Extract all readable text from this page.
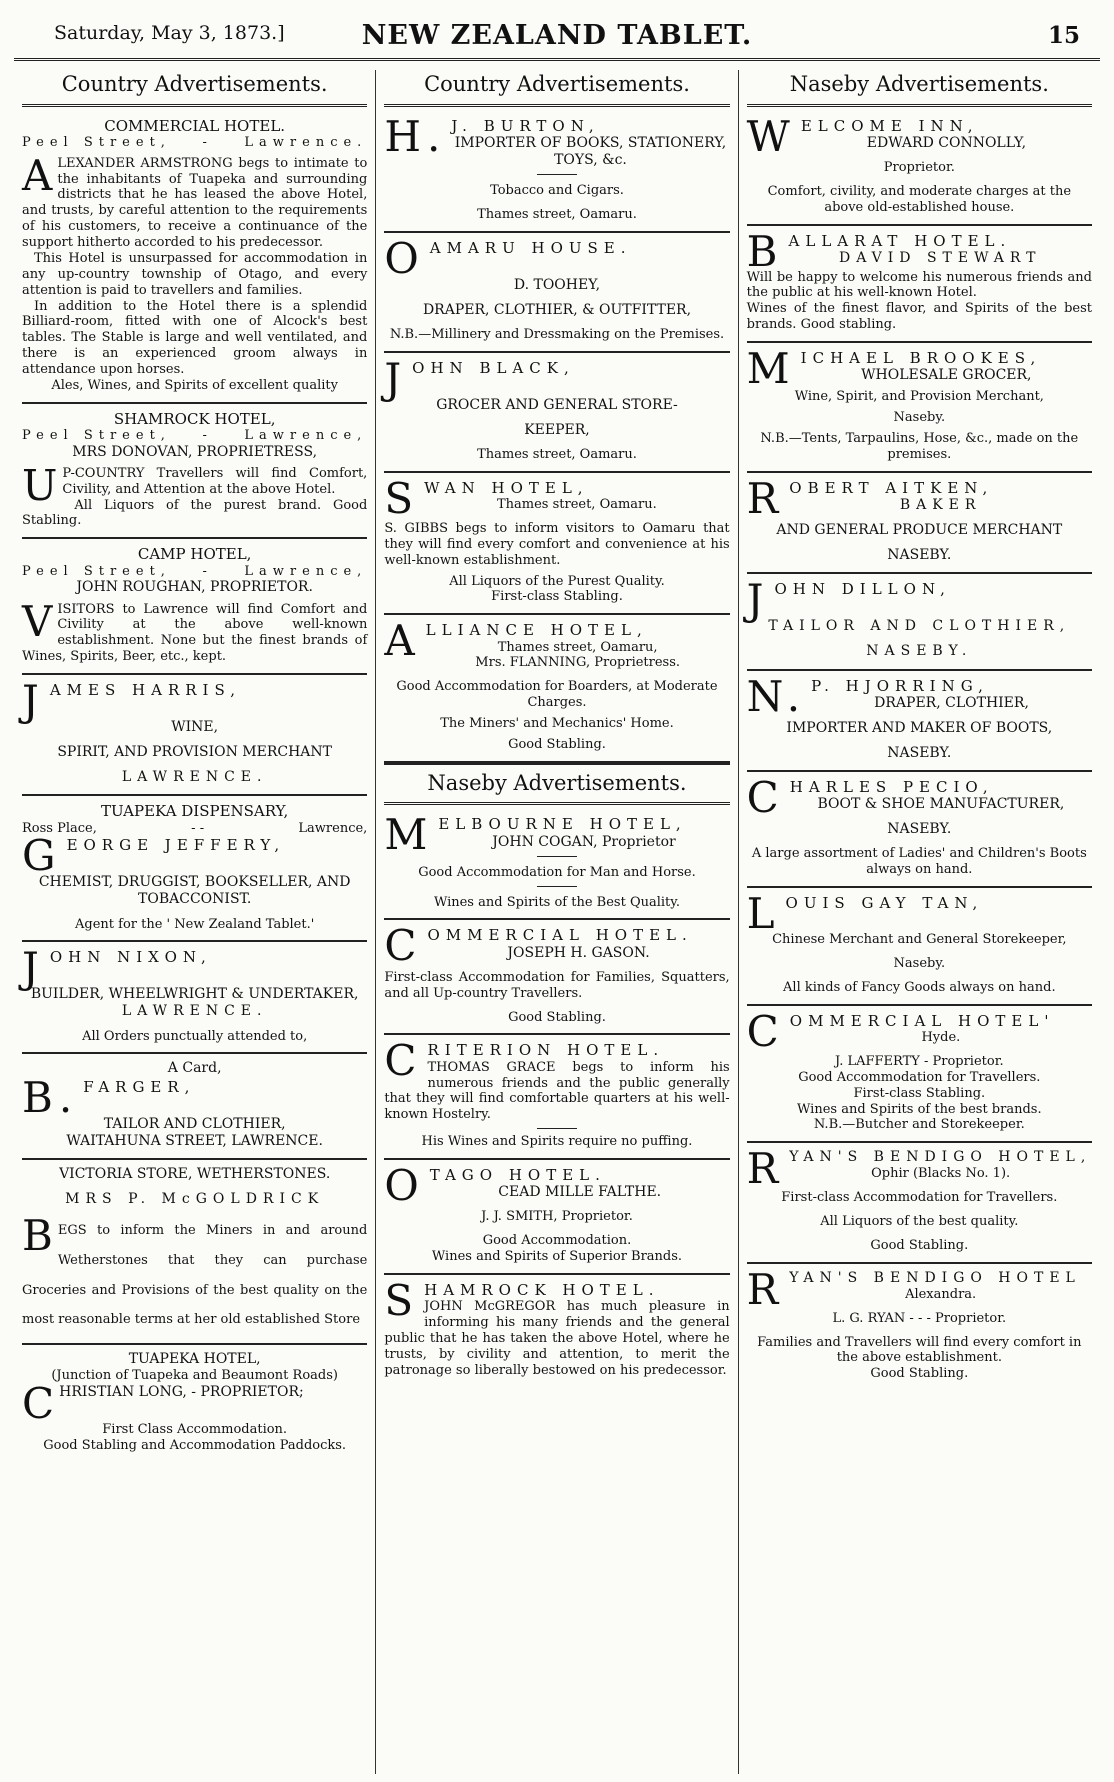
Saturday, May 3, 1873.]	NEW ZEALAND TABLET.	15
Country Advertisements.
COMMERCIAL HOTEL.
Peel Street, - Lawrence.
ALEXANDER ARMSTRONG begs to intimate to the inhabitants of Tuapeka and surrounding districts that he has leased the above Hotel, and trusts, by careful attention to the requirements of his customers, to receive a continuance of the support hitherto accorded to his predecessor.
This Hotel is unsurpassed for accommodation in any up-country township of Otago, and every attention is paid to travellers and families.
In addition to the Hotel there is a splendid Billiard-room, fitted with one of Alcock's best tables. The Stable is large and well ventilated, and there is an experienced groom always in attendance upon horses.
Ales, Wines, and Spirits of excellent quality
SHAMROCK HOTEL,
Peel Street, - Lawrence,
MRS DONOVAN, PROPRIETRESS,
U P-COUNTRY Travellers will find Comfort, Civility, and Attention at the above Hotel.
All Liquors of the purest brand. Good Stabling.
CAMP HOTEL,
Peel Street, - Lawrence,
JOHN ROUGHAN, PROPRIETOR.
VISITORS to Lawrence will find Comfort and Civility at the above well-known establishment. None but the finest brands of Wines, Spirits, Beer, etc., kept.
JAMES HARRIS,
WINE,
SPIRIT, AND PROVISION MERCHANT
LAWRENCE.
TUAPEKA DISPENSARY,
Ross Place,	- -	Lawrence,
GEORGE JEFFERY,
CHEMIST, DRUGGIST, BOOKSELLER, AND TOBACCONIST.
Agent for the ' New Zealand Tablet.'
JOHN NIXON,
BUILDER, WHEELWRIGHT & UNDERTAKER,
LAWRENCE.
All Orders punctually attended to,
A Card,
B. FARGER,
TAILOR AND CLOTHIER,
WAITAHUNA STREET, LAWRENCE.
VICTORIA STORE, WETHERSTONES.
MRS P. McGOLDRICK
BEGS to inform the Miners in and around Wetherstones that they can purchase Groceries and Provisions of the best quality on the most reasonable terms at her old established Store
TUAPEKA HOTEL,
(Junction of Tuapeka and Beaumont Roads)
CHRISTIAN LONG, - PROPRIETOR;
First Class Accommodation.
Good Stabling and Accommodation Paddocks.
Country Advertisements.
H. J. BURTON,
IMPORTER OF BOOKS, STATIONERY,
TOYS, &c.
Tobacco and Cigars.
Thames street, Oamaru.
OAMARU HOUSE.
D. TOOHEY,
DRAPER, CLOTHIER, & OUTFITTER,
N.B.—Millinery and Dressmaking on the Premises.
JOHN BLACK,
GROCER AND GENERAL STORE-
KEEPER,
Thames street, Oamaru.
SWAN HOTEL,
Thames street, Oamaru.
S. GIBBS begs to inform visitors to Oamaru that they will find every comfort and convenience at his well-known establishment.
All Liquors of the Purest Quality.
First-class Stabling.
ALLIANCE HOTEL,
Thames street, Oamaru,
Mrs. FLANNING, Proprietress.
Good Accommodation for Boarders, at Moderate Charges.
The Miners' and Mechanics' Home.
Good Stabling.
Naseby Advertisements.
MELBOURNE HOTEL,
JOHN COGAN, Proprietor
Good Accommodation for Man and Horse.
Wines and Spirits of the Best Quality.
COMMERCIAL HOTEL.
JOSEPH H. GASON.
First-class Accommodation for Families, Squatters, and all Up-country Travellers.
Good Stabling.
CRITERION HOTEL.
THOMAS GRACE begs to inform his numerous friends and the public generally that they will find comfortable quarters at his well-known Hostelry.
His Wines and Spirits require no puffing.
OTAGO HOTEL.
CEAD MILLE FALTHE.
J. J. SMITH, Proprietor.
Good Accommodation.
Wines and Spirits of Superior Brands.
SHAMROCK HOTEL.
JOHN McGREGOR has much pleasure in informing his many friends and the general public that he has taken the above Hotel, where he trusts, by civility and attention, to merit the patronage so liberally bestowed on his predecessor.
Naseby Advertisements.
WELCOME INN,
EDWARD CONNOLLY,
Proprietor.
Comfort, civility, and moderate charges at the above old-established house.
BALLARAT HOTEL.
DAVID STEWART
Will be happy to welcome his numerous friends and the public at his well-known Hotel.
Wines of the finest flavor, and Spirits of the best brands. Good stabling.
MICHAEL BROOKES,
WHOLESALE GROCER,
Wine, Spirit, and Provision Merchant,
Naseby.
N.B.—Tents, Tarpaulins, Hose, &c., made on the premises.
ROBERT AITKEN,
BAKER
AND GENERAL PRODUCE MERCHANT
NASEBY.
JOHN DILLON,
TAILOR AND CLOTHIER,
NASEBY.
N. P. HJORRING,
DRAPER, CLOTHIER,
IMPORTER AND MAKER OF BOOTS,
NASEBY.
CHARLES PECIO,
BOOT & SHOE MANUFACTURER,
NASEBY.
A large assortment of Ladies' and Children's Boots always on hand.
LOUIS GAY TAN,
Chinese Merchant and General Storekeeper,
Naseby.
All kinds of Fancy Goods always on hand.
COMMERCIAL HOTEL'
Hyde.
J. LAFFERTY - Proprietor.
Good Accommodation for Travellers.
First-class Stabling.
Wines and Spirits of the best brands.
N.B.—Butcher and Storekeeper.
RYAN'S BENDIGO HOTEL,
Ophir (Blacks No. 1).
First-class Accommodation for Travellers.
All Liquors of the best quality.
Good Stabling.
RYAN'S BENDIGO HOTEL
Alexandra.
L. G. RYAN - - - Proprietor.
Families and Travellers will find every comfort in the above establishment.
Good Stabling.
